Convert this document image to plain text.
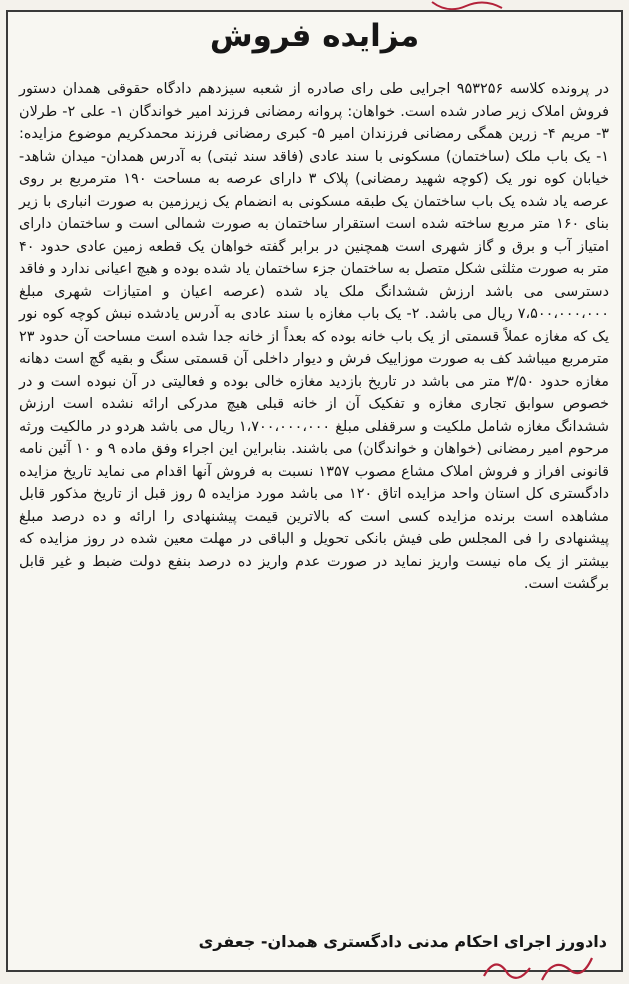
مزایده فروش

در پرونده کلاسه ۹۵۳۲۵۶ اجرایی طی رای صادره از شعبه سیزدهم دادگاه حقوقی همدان دستور فروش املاک زیر صادر شده است. خواهان: پروانه رمضانی فرزند امیر خواندگان ۱- علی ۲- طرلان ۳- مریم ۴- زرین همگی رمضانی فرزندان امیر ۵- کبری رمضانی فرزند محمدکریم موضوع مزایده: ۱- یک باب ملک (ساختمان) مسکونی با سند عادی (فاقد سند ثبتی) به آدرس همدان- میدان شاهد- خیابان کوه نور یک (کوچه شهید رمضانی) پلاک ۳ دارای عرصه به مساحت ۱۹۰ مترمربع بر روی عرصه یاد شده یک باب ساختمان یک طبقه مسکونی به انضمام یک زیرزمین به صورت انباری با زیر بنای ۱۶۰ متر مربع ساخته شده است استقرار ساختمان به صورت شمالی است و ساختمان دارای امتیاز آب و برق و گاز شهری است همچنین در برابر گفته خواهان یک قطعه زمین عادی حدود ۴۰ متر به صورت مثلثی شکل متصل به ساختمان جزء ساختمان یاد شده بوده و هیچ اعیانی ندارد و فاقد دسترسی می باشد ارزش ششدانگ ملک یاد شده (عرصه اعیان و امتیازات شهری مبلغ ۷،۵۰۰،۰۰۰،۰۰۰ ریال می باشد. ۲- یک باب مغازه با سند عادی به آدرس یادشده نبش کوچه کوه نور یک که مغازه عملاً قسمتی از یک باب خانه بوده که بعداً از خانه جدا شده است مساحت آن حدود ۲۳ مترمربع میباشد کف به صورت موزاییک فرش و دیوار داخلی آن قسمتی سنگ و بقیه گچ است دهانه مغازه حدود ۳/۵۰ متر می باشد در تاریخ بازدید مغازه خالی بوده و فعالیتی در آن نبوده است و در خصوص سوابق تجاری مغازه و تفکیک آن از خانه قبلی هیچ مدرکی ارائه نشده است ارزش ششدانگ مغازه شامل ملکیت و سرقفلی مبلغ ۱،۷۰۰،۰۰۰،۰۰۰ ریال می باشد هردو در مالکیت ورثه مرحوم امیر رمضانی (خواهان و خواندگان) می باشند. بنابراین این اجراء وفق ماده ۹ و ۱۰ آئین نامه قانونی افراز و فروش املاک مشاع مصوب ۱۳۵۷ نسبت به فروش آنها اقدام می نماید تاریخ مزایده دادگستری کل استان واحد مزایده اتاق ۱۲۰ می باشد مورد مزایده ۵ روز قبل از تاریخ مذکور قابل مشاهده است برنده مزایده کسی است که بالاترین قیمت پیشنهادی را ارائه و ده درصد مبلغ پیشنهادی را فی المجلس طی فیش بانکی تحویل و الباقی در مهلت معین شده در روز مزایده که بیشتر از یک ماه نیست واریز نماید در صورت عدم واریز ده درصد بنفع دولت ضبط و غیر قابل برگشت است.

دادورز اجرای احکام مدنی دادگستری همدان- جعفری
